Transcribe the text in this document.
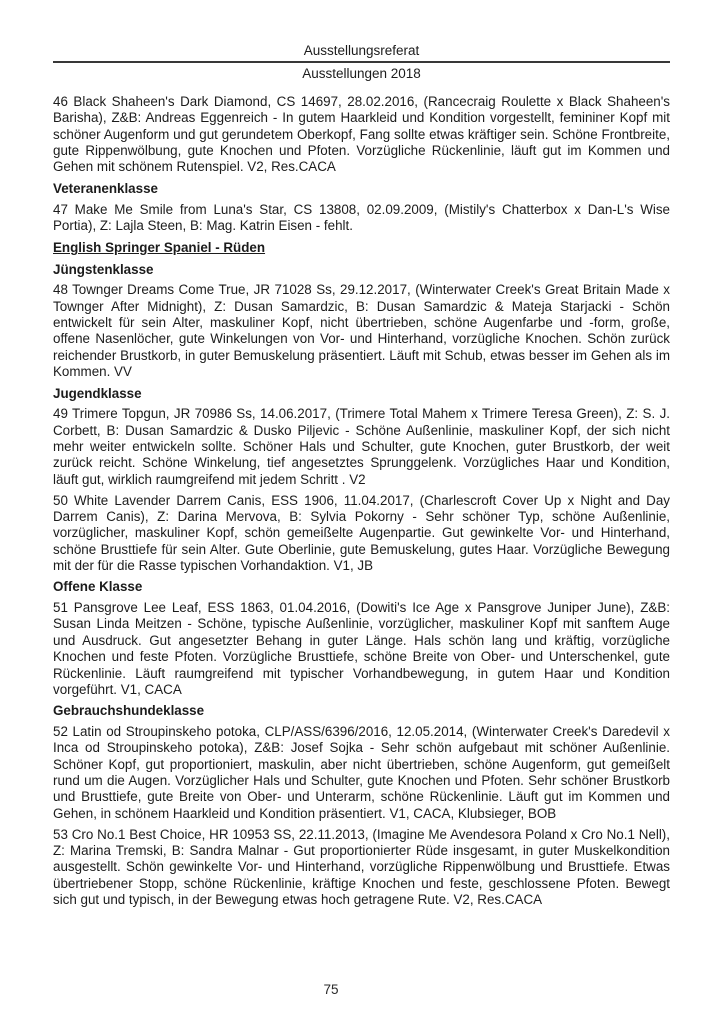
Ausstellungsreferat
Ausstellungen 2018

46 Black Shaheen's Dark Diamond, CS 14697, 28.02.2016, (Rancecraig Roulette x Black Shaheen's Barisha), Z&B: Andreas Eggenreich - In gutem Haarkleid und Kondition vorgestellt, femininer Kopf mit schöner Augenform und gut gerundetem Oberkopf, Fang sollte etwas kräftiger sein. Schöne Frontbreite, gute Rippenwölbung, gute Knochen und Pfoten. Vorzügliche Rückenlinie, läuft gut im Kommen und Gehen mit schönem Rutenspiel. V2, Res.CACA

Veteranenklasse

47 Make Me Smile from Luna's Star, CS 13808, 02.09.2009, (Mistily's Chatterbox x Dan-L's Wise Portia), Z: Lajla Steen, B: Mag. Katrin Eisen - fehlt.

English Springer Spaniel - Rüden

Jüngstenklasse

48 Townger Dreams Come True, JR 71028 Ss, 29.12.2017, (Winterwater Creek's Great Britain Made x Townger After Midnight), Z: Dusan Samardzic, B: Dusan Samardzic & Mateja Starjacki - Schön entwickelt für sein Alter, maskuliner Kopf, nicht übertrieben, schöne Augenfarbe und -form, große, offene Nasenlöcher, gute Winkelungen von Vor- und Hinterhand, vorzügliche Knochen. Schön zurück reichender Brustkorb, in guter Bemuskelung präsentiert. Läuft mit Schub, etwas besser im Gehen als im Kommen. VV

Jugendklasse

49 Trimere Topgun, JR 70986 Ss, 14.06.2017, (Trimere Total Mahem x Trimere Teresa Green), Z: S. J. Corbett, B: Dusan Samardzic & Dusko Piljevic - Schöne Außenlinie, maskuliner Kopf, der sich nicht mehr weiter entwickeln sollte. Schöner Hals und Schulter, gute Knochen, guter Brustkorb, der weit zurück reicht. Schöne Winkelung, tief angesetztes Sprunggelenk. Vorzügliches Haar und Kondition, läuft gut, wirklich raumgreifend mit jedem Schritt . V2

50 White Lavender Darrem Canis, ESS 1906, 11.04.2017, (Charlescroft Cover Up x Night and Day Darrem Canis), Z: Darina Mervova, B: Sylvia Pokorny - Sehr schöner Typ, schöne Außenlinie, vorzüglicher, maskuliner Kopf, schön gemeißelte Augenpartie. Gut gewinkelte Vor- und Hinterhand, schöne Brusttiefe für sein Alter. Gute Oberlinie, gute Bemuskelung, gutes Haar. Vorzügliche Bewegung mit der für die Rasse typischen Vorhandaktion. V1, JB

Offene Klasse

51 Pansgrove Lee Leaf, ESS 1863, 01.04.2016, (Dowiti's Ice Age x Pansgrove Juniper June), Z&B: Susan Linda Meitzen - Schöne, typische Außenlinie, vorzüglicher, maskuliner Kopf mit sanftem Auge und Ausdruck. Gut angesetzter Behang in guter Länge. Hals schön lang und kräftig, vorzügliche Knochen und feste Pfoten. Vorzügliche Brusttiefe, schöne Breite von Ober- und Unterschenkel, gute Rückenlinie. Läuft raumgreifend mit typischer Vorhandbewegung, in gutem Haar und Kondition vorgeführt. V1, CACA

Gebrauchshundeklasse

52 Latin od Stroupinskeho potoka, CLP/ASS/6396/2016, 12.05.2014, (Winterwater Creek's Daredevil x Inca od Stroupinskeho potoka), Z&B: Josef Sojka - Sehr schön aufgebaut mit schöner Außenlinie. Schöner Kopf, gut proportioniert, maskulin, aber nicht übertrieben, schöne Augenform, gut gemeißelt rund um die Augen. Vorzüglicher Hals und Schulter, gute Knochen und Pfoten. Sehr schöner Brustkorb und Brusttiefe, gute Breite von Ober- und Unterarm, schöne Rückenlinie. Läuft gut im Kommen und Gehen, in schönem Haarkleid und Kondition präsentiert. V1, CACA, Klubsieger, BOB

53 Cro No.1 Best Choice, HR 10953 SS, 22.11.2013, (Imagine Me Avendesora Poland x Cro No.1 Nell), Z: Marina Tremski, B: Sandra Malnar - Gut proportionierter Rüde insgesamt, in guter Muskelkondition ausgestellt. Schön gewinkelte Vor- und Hinterhand, vorzügliche Rippenwölbung und Brusttiefe. Etwas übertriebener Stopp, schöne Rückenlinie, kräftige Knochen und feste, geschlossene Pfoten. Bewegt sich gut und typisch, in der Bewegung etwas hoch getragene Rute. V2, Res.CACA

75
